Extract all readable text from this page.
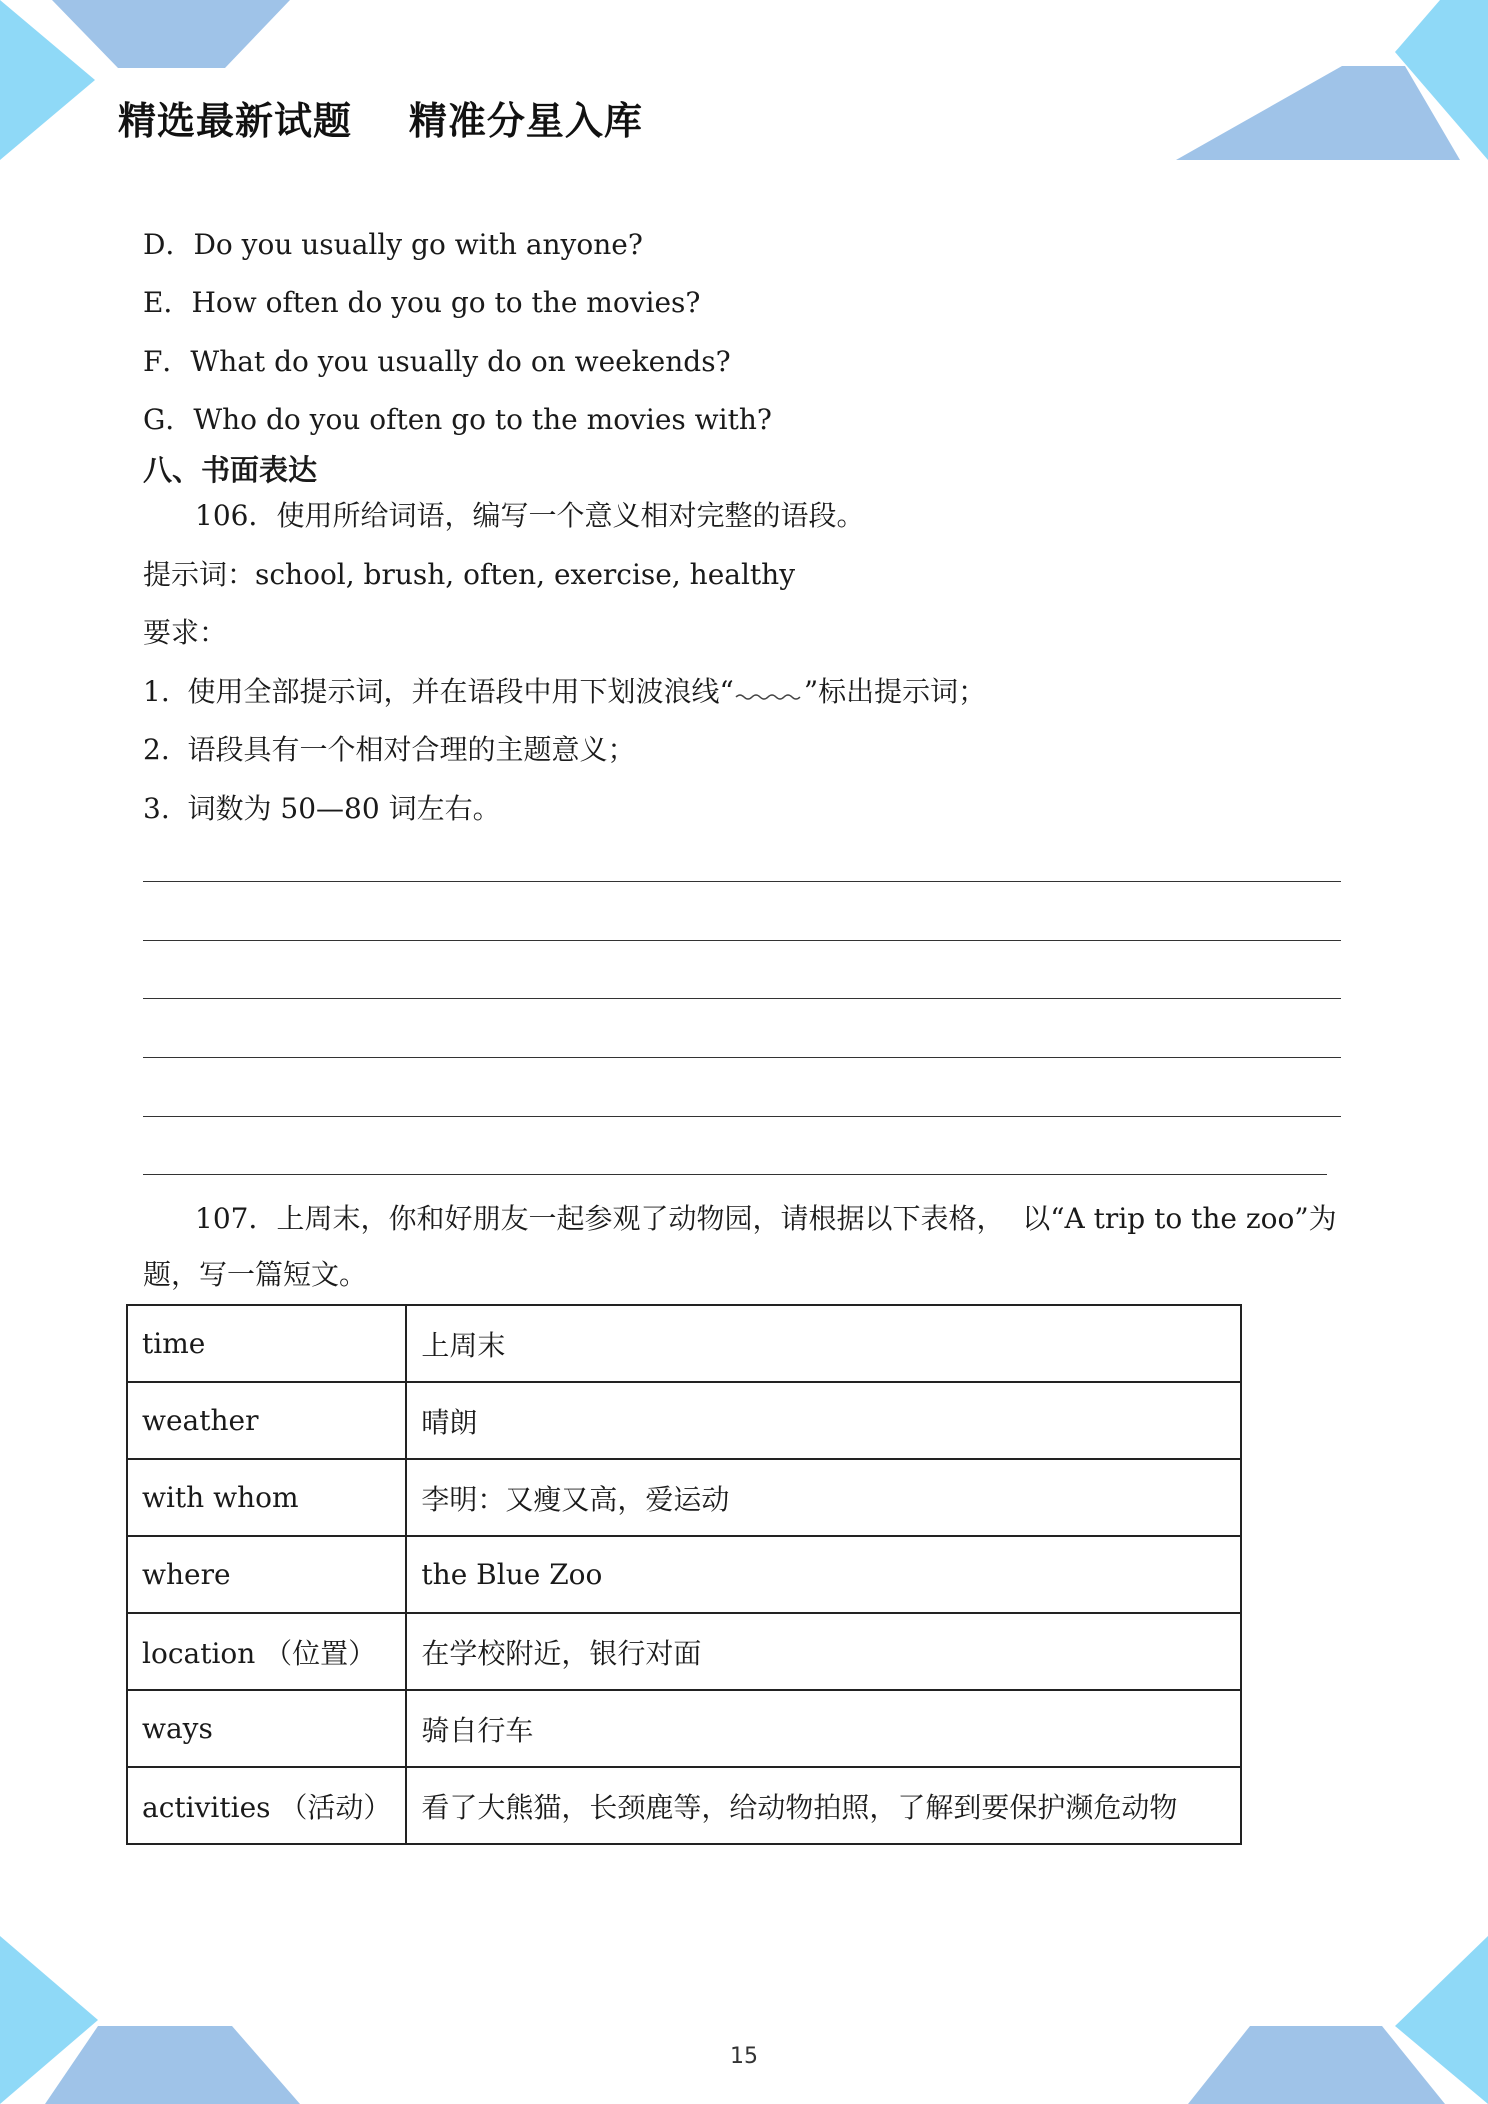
精选最新试题    精准分星入库
D．Do you usually go with anyone?
E．How often do you go to the movies?
F．What do you usually do on weekends?
G．Who do you often go to the movies with?
八、书面表达
106．使用所给词语，编写一个意义相对完整的语段。
提示词：school, brush, often, exercise, healthy
要求：
1.  使用全部提示词，并在语段中用下划波浪线“	”标出提示词；
2.  语段具有一个相对合理的主题意义；
3.  词数为 50—80 词左右。
107．上周末，你和好朋友一起参观了动物园，请根据以下表格，  以“A trip to the zoo”为
题，写一篇短文。
time	上周末
weather	晴朗
with whom	李明：又瘦又高，爱运动
where	the Blue Zoo
location （位置）	在学校附近，银行对面
ways	骑自行车
activities （活动）	看了大熊猫，长颈鹿等，给动物拍照，了解到要保护濒危动物
15
